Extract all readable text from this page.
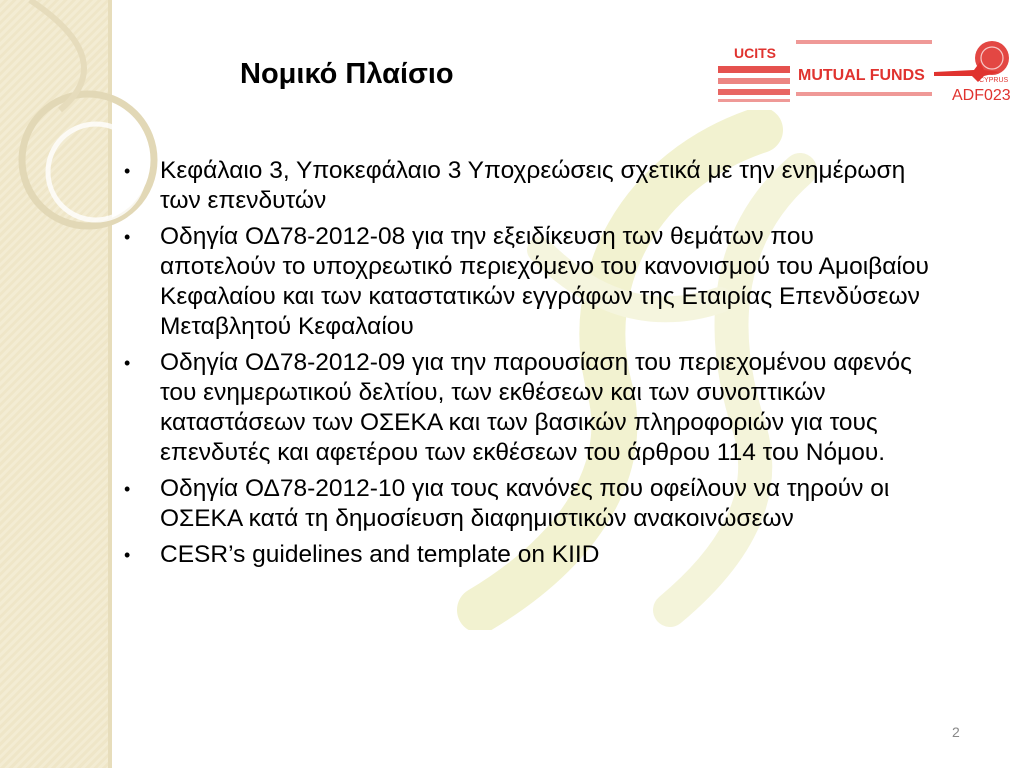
Νομικό Πλαίσιο
UCITS
MUTUAL FUNDS	CYPRUS
ADF023
• Κεφάλαιο 3, Υποκεφάλαιο 3 Υποχρεώσεις σχετικά με την ενημέρωση των επενδυτών
• Οδηγία ΟΔ78-2012-08 για την εξειδίκευση των θεμάτων που αποτελούν το υποχρεωτικό περιεχόμενο του κανονισμού του Αμοιβαίου Κεφαλαίου και των καταστατικών εγγράφων της Εταιρίας Επενδύσεων Μεταβλητού Κεφαλαίου
• Οδηγία ΟΔ78-2012-09 για την παρουσίαση του περιεχομένου αφενός του ενημερωτικού δελτίου, των εκθέσεων και των συνοπτικών καταστάσεων των ΟΣΕΚΑ και των βασικών πληροφοριών για τους επενδυτές και αφετέρου των εκθέσεων του άρθρου 114 του Νόμου.
• Οδηγία ΟΔ78-2012-10 για τους κανόνες που οφείλουν να τηρούν οι ΟΣΕΚΑ κατά τη δημοσίευση διαφημιστικών ανακοινώσεων
• CESR’s guidelines and template on KIID
2
